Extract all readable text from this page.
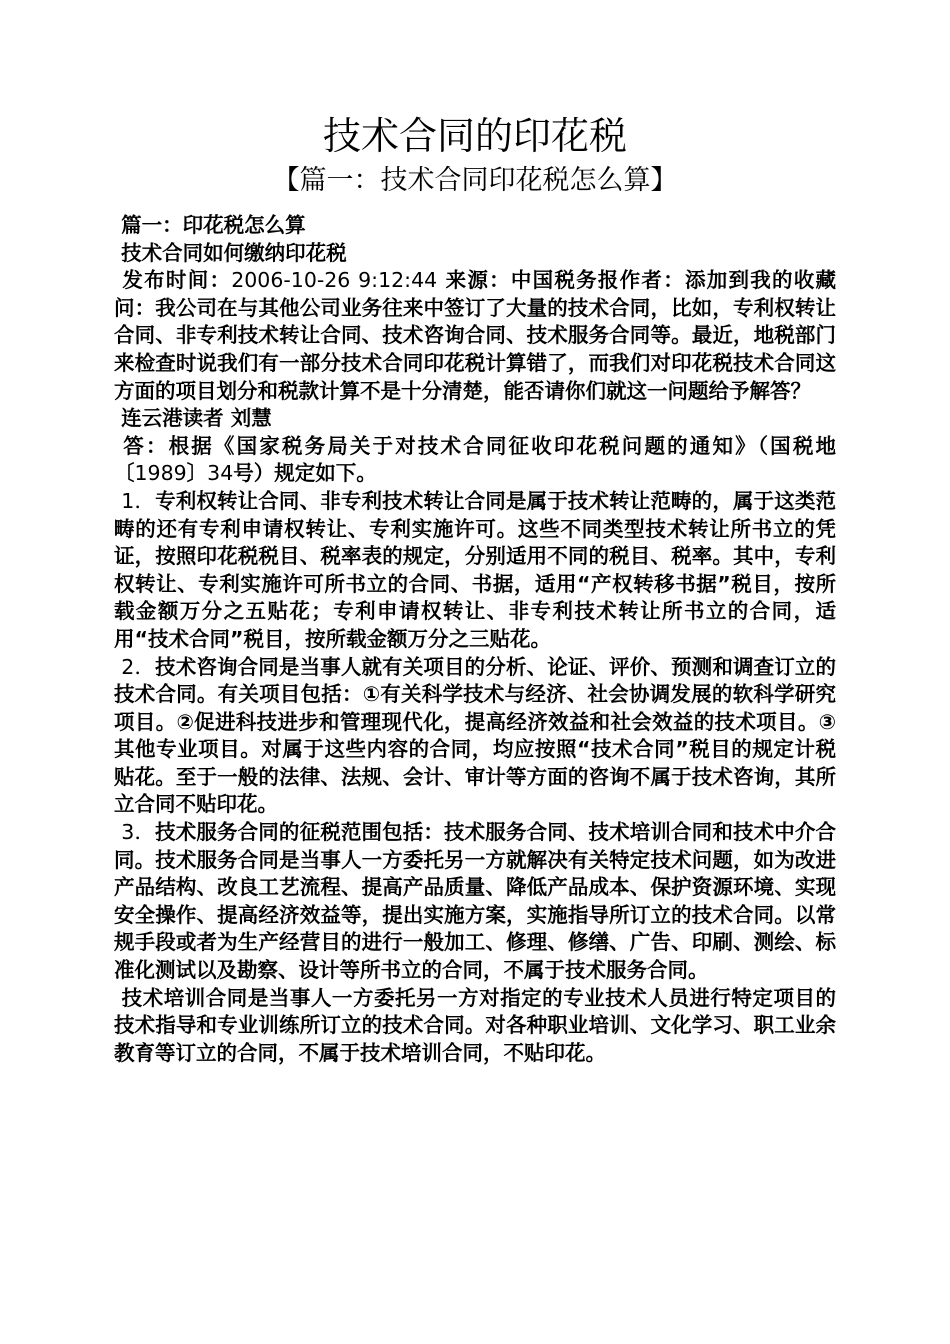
技术合同的印花税
【篇一：技术合同印花税怎么算】

篇一：印花税怎么算

技术合同如何缴纳印花税

发布时间：2006-10-26 9:12:44 来源：中国税务报作者：添加到我的收藏 问：我公司在与其他公司业务往来中签订了大量的技术合同，比如，专利权转让合同、非专利技术转让合同、技术咨询合同、技术服务合同等。最近，地税部门来检查时说我们有一部分技术合同印花税计算错了，而我们对印花税技术合同这方面的项目划分和税款计算不是十分清楚，能否请你们就这一问题给予解答？

连云港读者 刘慧

答：根据《国家税务局关于对技术合同征收印花税问题的通知》（国税地〔1989〕34号）规定如下。

1．专利权转让合同、非专利技术转让合同是属于技术转让范畴的，属于这类范畴的还有专利申请权转让、专利实施许可。这些不同类型技术转让所书立的凭证，按照印花税税目、税率表的规定，分别适用不同的税目、税率。其中，专利权转让、专利实施许可所书立的合同、书据，适用“产权转移书据”税目，按所载金额万分之五贴花；专利申请权转让、非专利技术转让所书立的合同，适用“技术合同”税目，按所载金额万分之三贴花。

2．技术咨询合同是当事人就有关项目的分析、论证、评价、预测和调查订立的技术合同。有关项目包括：①有关科学技术与经济、社会协调发展的软科学研究项目。②促进科技进步和管理现代化，提高经济效益和社会效益的技术项目。③其他专业项目。对属于这些内容的合同，均应按照“技术合同”税目的规定计税贴花。至于一般的法律、法规、会计、审计等方面的咨询不属于技术咨询，其所立合同不贴印花。

3．技术服务合同的征税范围包括：技术服务合同、技术培训合同和技术中介合同。技术服务合同是当事人一方委托另一方就解决有关特定技术问题，如为改进产品结构、改良工艺流程、提高产品质量、降低产品成本、保护资源环境、实现安全操作、提高经济效益等，提出实施方案，实施指导所订立的技术合同。以常规手段或者为生产经营目的进行一般加工、修理、修缮、广告、印刷、测绘、标准化测试以及勘察、设计等所书立的合同，不属于技术服务合同。

技术培训合同是当事人一方委托另一方对指定的专业技术人员进行特定项目的技术指导和专业训练所订立的技术合同。对各种职业培训、文化学习、职工业余教育等订立的合同，不属于技术培训合同，不贴印花。
